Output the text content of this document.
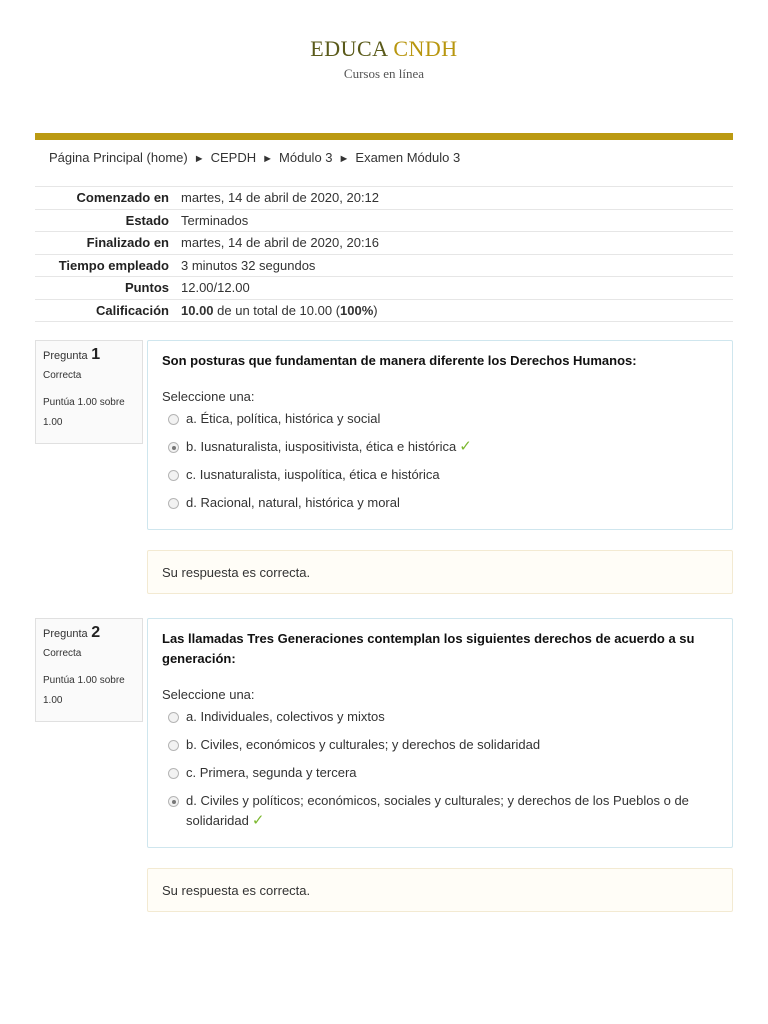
EDUCA CNDH
Cursos en línea
Página Principal (home) ► CEPDH ► Módulo 3 ► Examen Módulo 3
Comenzado en	martes, 14 de abril de 2020, 20:12
Estado	Terminados
Finalizado en	martes, 14 de abril de 2020, 20:16
Tiempo empleado	3 minutos 32 segundos
Puntos	12.00/12.00
Calificación	10.00 de un total de 10.00 (100%)
Pregunta 1
Correcta
Puntúa 1.00 sobre 1.00
Son posturas que fundamentan de manera diferente los Derechos Humanos:
Seleccione una:
a. Ética, política, histórica y social
b. Iusnaturalista, iuspositivista, ética e histórica ✓
c. Iusnaturalista, iuspolítica, ética e histórica
d. Racional, natural, histórica y moral
Su respuesta es correcta.
Pregunta 2
Correcta
Puntúa 1.00 sobre 1.00
Las llamadas Tres Generaciones contemplan los siguientes derechos de acuerdo a su generación:
Seleccione una:
a. Individuales, colectivos y mixtos
b. Civiles, económicos y culturales; y derechos de solidaridad
c. Primera, segunda y tercera
d. Civiles y políticos; económicos, sociales y culturales; y derechos de los Pueblos o de solidaridad ✓
Su respuesta es correcta.
